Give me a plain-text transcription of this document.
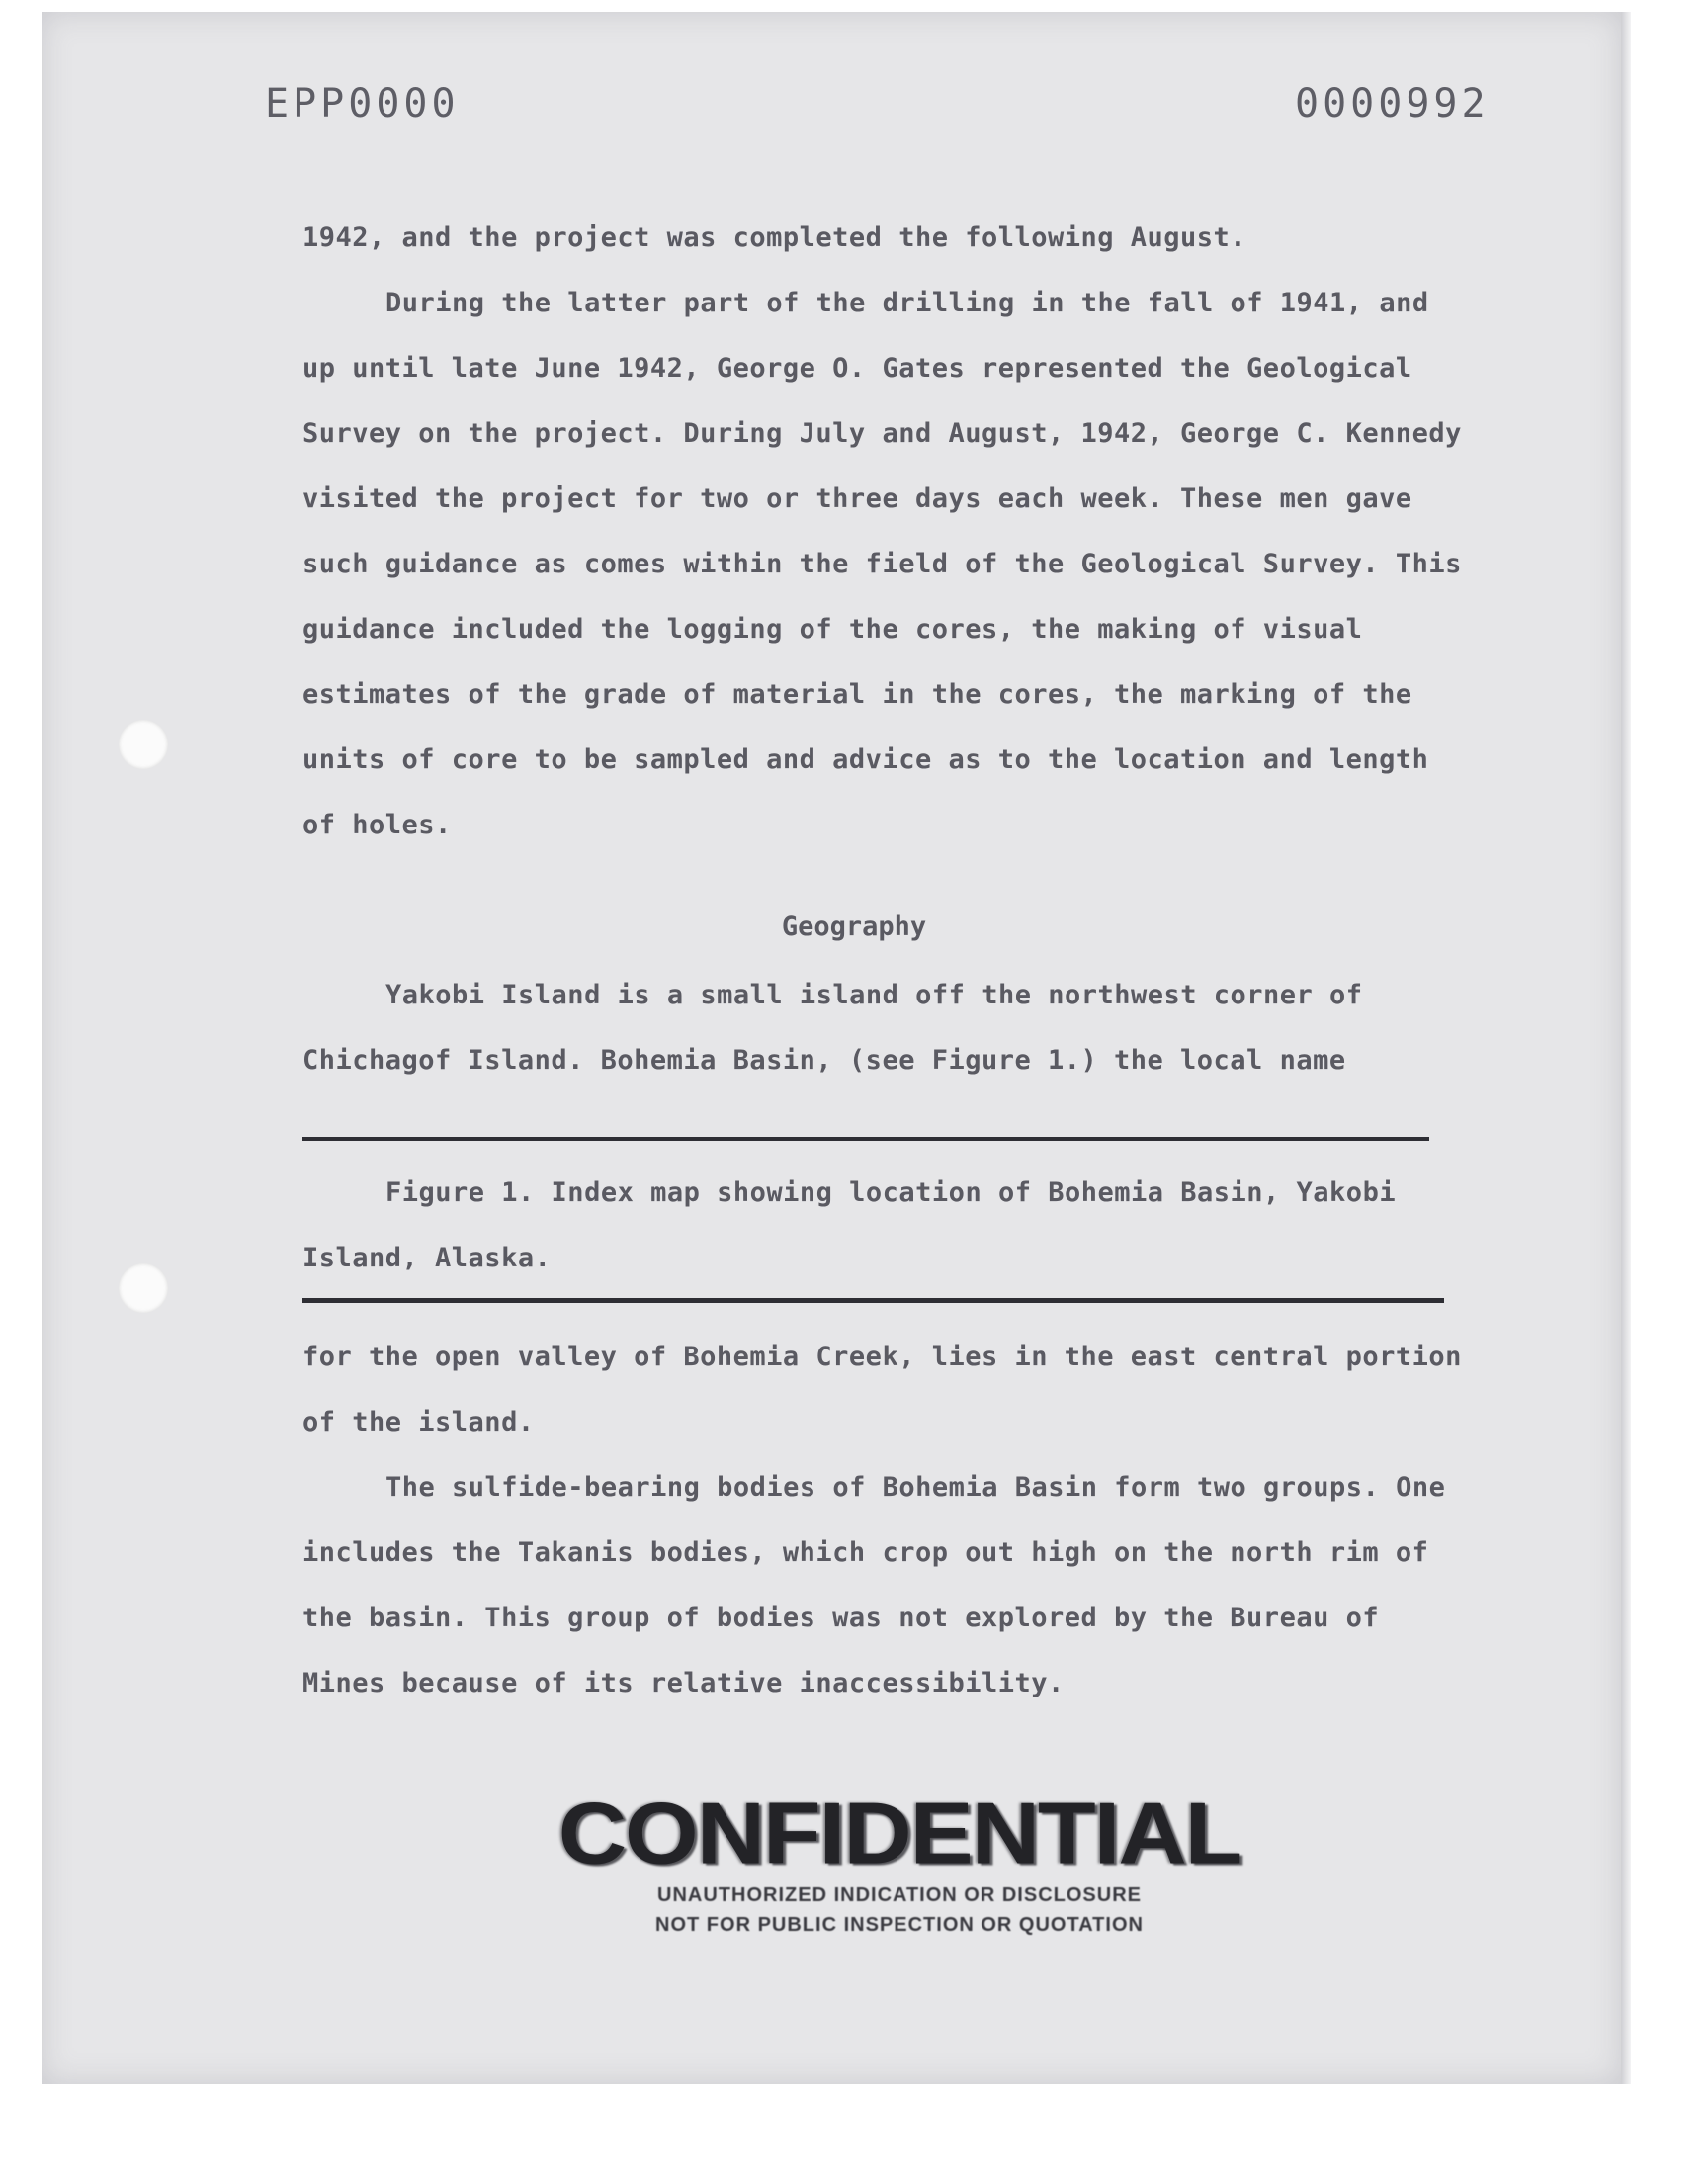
EPP0000	0000992

1942, and the project was completed the following August.

During the latter part of the drilling in the fall of 1941, and up until late June 1942, George O. Gates represented the Geological Survey on the project. During July and August, 1942, George C. Kennedy visited the project for two or three days each week. These men gave such guidance as comes within the field of the Geological Survey. This guidance included the logging of the cores, the making of visual estimates of the grade of material in the cores, the marking of the units of core to be sampled and advice as to the location and length of holes.

Geography

Yakobi Island is a small island off the northwest corner of Chichagof Island. Bohemia Basin, (see Figure 1.) the local name

Figure 1. Index map showing location of Bohemia Basin, Yakobi Island, Alaska.

for the open valley of Bohemia Creek, lies in the east central portion of the island.

The sulfide-bearing bodies of Bohemia Basin form two groups. One includes the Takanis bodies, which crop out high on the north rim of the basin. This group of bodies was not explored by the Bureau of Mines because of its relative inaccessibility.

CONFIDENTIAL
UNAUTHORIZED INDICATION OR DISCLOSURE
NOT FOR PUBLIC INSPECTION OR QUOTATION
